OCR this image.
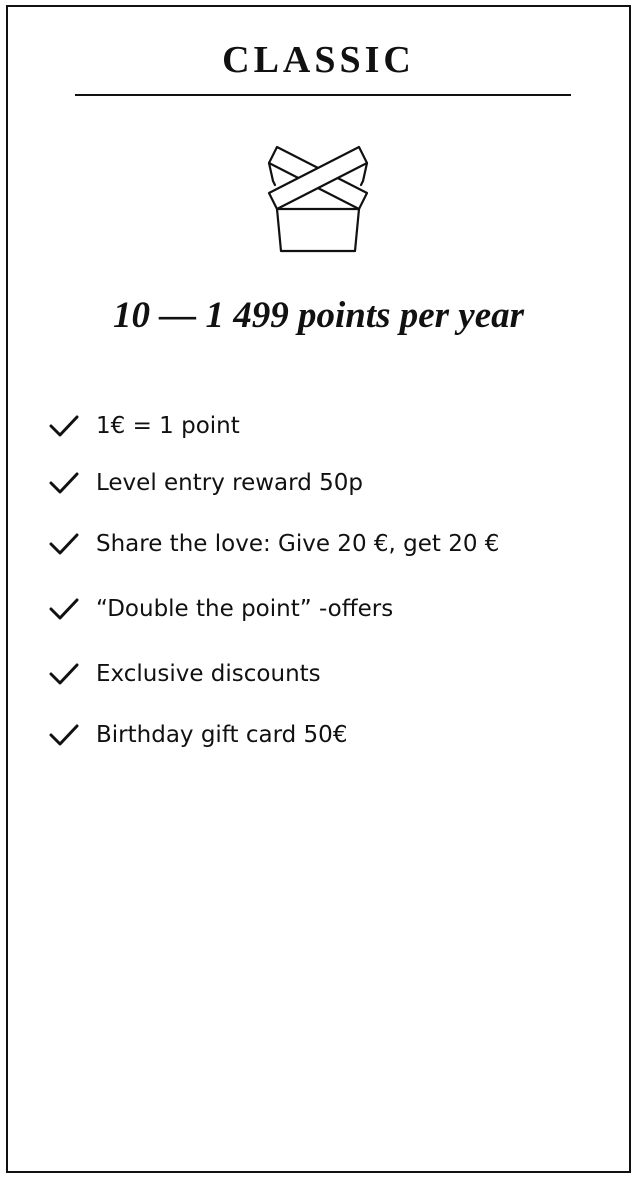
CLASSIC
10 — 1 499 points per year
1€ = 1 point
Level entry reward 50p
Share the love: Give 20 €, get 20 €
“Double the point” -offers
Exclusive discounts
Birthday gift card 50€
